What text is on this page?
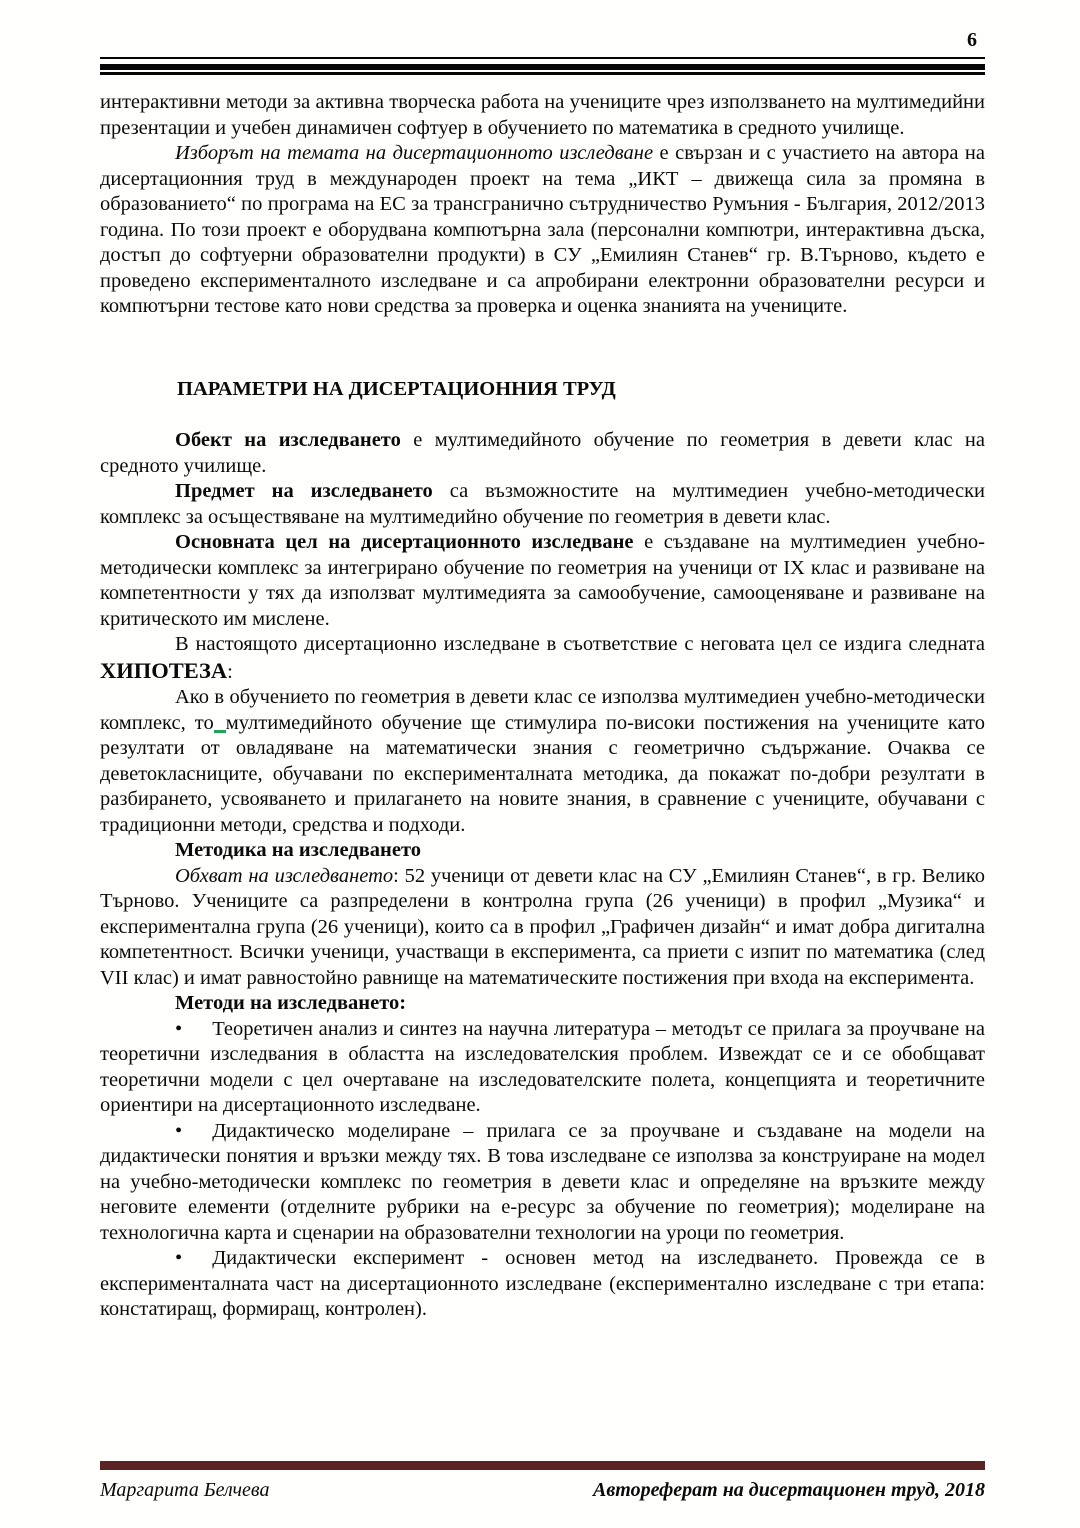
6

интерактивни методи за активна творческа работа на учениците чрез използването на мултимедийни презентации и учебен динамичен софтуер в обучението по математика в средното училище.

Изборът на темата на дисертационното изследване е свързан и с участието на автора на дисертационния труд в международен проект на тема „ИКТ – движеща сила за промяна в образованието“ по програма на ЕС за трансгранично сътрудничество Румъния - България, 2012/2013 година. По този проект е оборудвана компютърна зала (персонални компютри, интерактивна дъска, достъп до софтуерни образователни продукти) в СУ „Емилиян Станев“ гр. В.Търново, където е проведено експерименталното изследване и са апробирани електронни образователни ресурси и компютърни тестове като нови средства за проверка и оценка знанията на учениците.

ПАРАМЕТРИ НА ДИСЕРТАЦИОННИЯ ТРУД

Обект на изследването е мултимедийното обучение по геометрия в девети клас на средното училище.

Предмет на изследването са възможностите на мултимедиен учебно-методически комплекс за осъществяване на мултимедийно обучение по геометрия в девети клас.

Основната цел на дисертационното изследване е създаване на мултимедиен учебно-методически комплекс за интегрирано обучение по геометрия на ученици от IX клас и развиване на компетентности у тях да използват мултимедията за самообучение, самооценяване и развиване на критическото им мислене.

В настоящото дисертационно изследване в съответствие с неговата цел се издига следната ХИПОТЕЗА:

Ако в обучението по геометрия в девети клас се използва мултимедиен учебно-методически комплекс, то мултимедийното обучение ще стимулира по-високи постижения на учениците като резултати от овладяване на математически знания с геометрично съдържание. Очаква се деветокласниците, обучавани по експерименталната методика, да покажат по-добри резултати в разбирането, усвояването и прилагането на новите знания, в сравнение с учениците, обучавани с традиционни методи, средства и подходи.

Методика на изследването

Обхват на изследването: 52 ученици от девети клас на СУ „Емилиян Станев“, в гр. Велико Търново. Учениците са разпределени в контролна група (26 ученици) в профил „Музика“ и експериментална група (26 ученици), които са в профил „Графичен дизайн“ и имат добра дигитална компетентност. Всички ученици, участващи в експеримента, са приети с изпит по математика (след VII клас) и имат равностойно равнище на математическите постижения при входа на експеримента.

Методи на изследването:

• Теоретичен анализ и синтез на научна литература – методът се прилага за проучване на теоретични изследвания в областта на изследователския проблем. Извеждат се и се обобщават теоретични модели с цел очертаване на изследователските полета, концепцията и теоретичните ориентири на дисертационното изследване.

• Дидактическо моделиране – прилага се за проучване и създаване на модели на дидактически понятия и връзки между тях. В това изследване се използва за конструиране на модел на учебно-методически комплекс по геометрия в девети клас и определяне на връзките между неговите елементи (отделните рубрики на е-ресурс за обучение по геометрия); моделиране на технологична карта и сценарии на образователни технологии на уроци по геометрия.

• Дидактически експеримент - основен метод на изследването. Провежда се в експерименталната част на дисертационното изследване (експериментално изследване с три етапа: констатиращ, формиращ, контролен).

Маргарита Белчева	Автореферат на дисертационен труд, 2018
